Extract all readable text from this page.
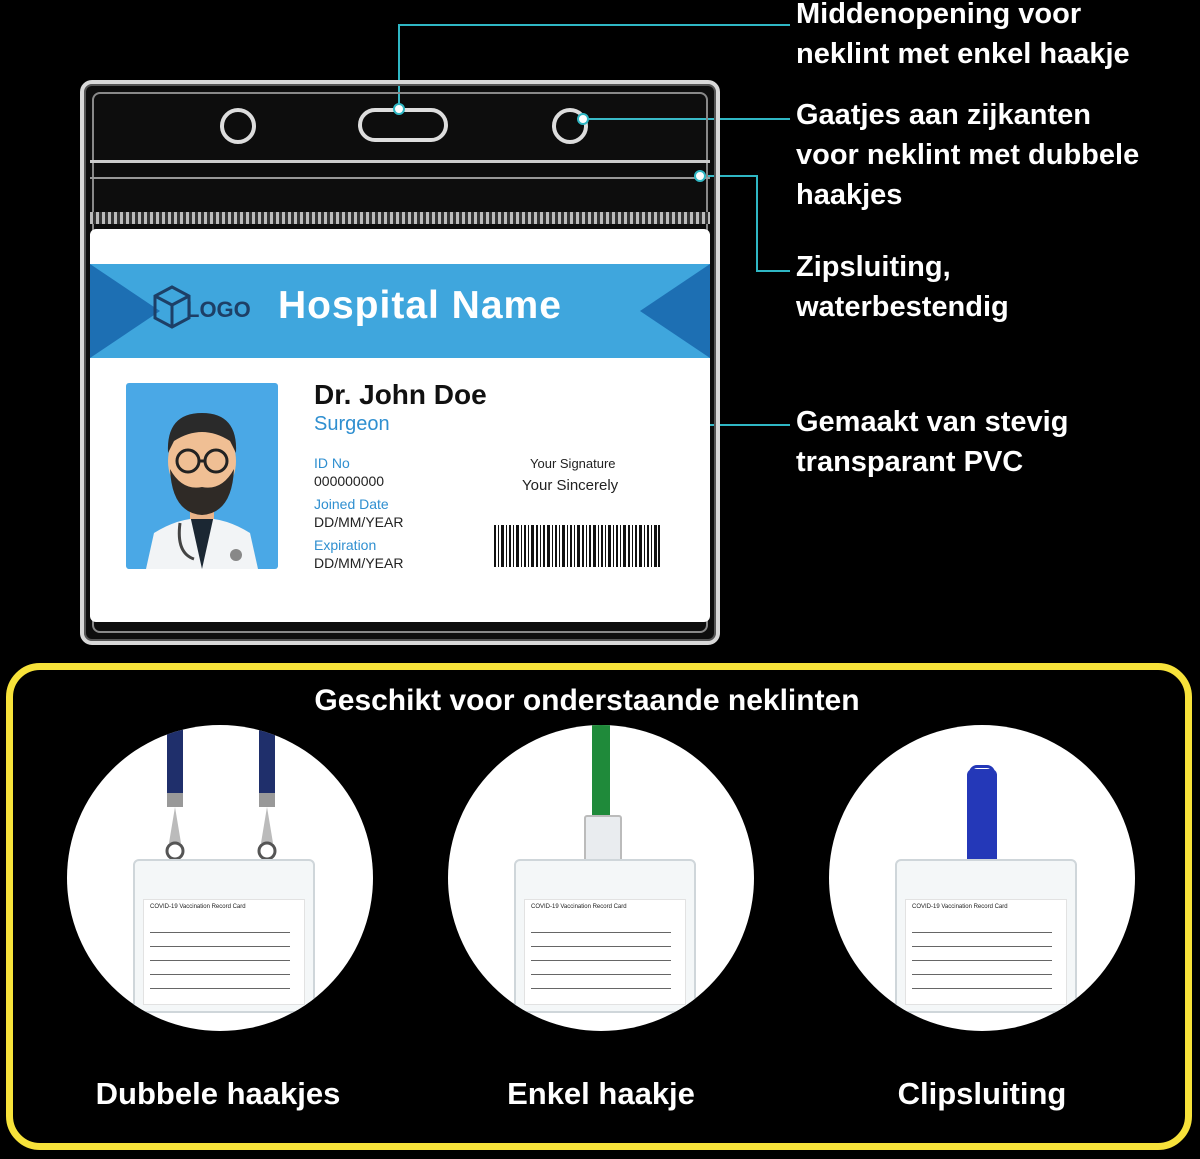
Middenopening voor
neklint met enkel haakje
Gaatjes aan zijkanten
voor neklint met dubbele
haakjes
Zipsluiting,
waterbestendig
Gemaakt van stevig
transparant PVC
LOGO Hospital Name
Dr. John Doe
Surgeon
ID No
000000000
Joined Date
DD/MM/YEAR
Expiration
DD/MM/YEAR
Your Signature
Your Sincerely
Geschikt voor onderstaande neklinten
COVID-19 Vaccination Record Card
Dubbele haakjes
COVID-19 Vaccination Record Card
Enkel haakje
COVID-19 Vaccination Record Card
Clipsluiting
